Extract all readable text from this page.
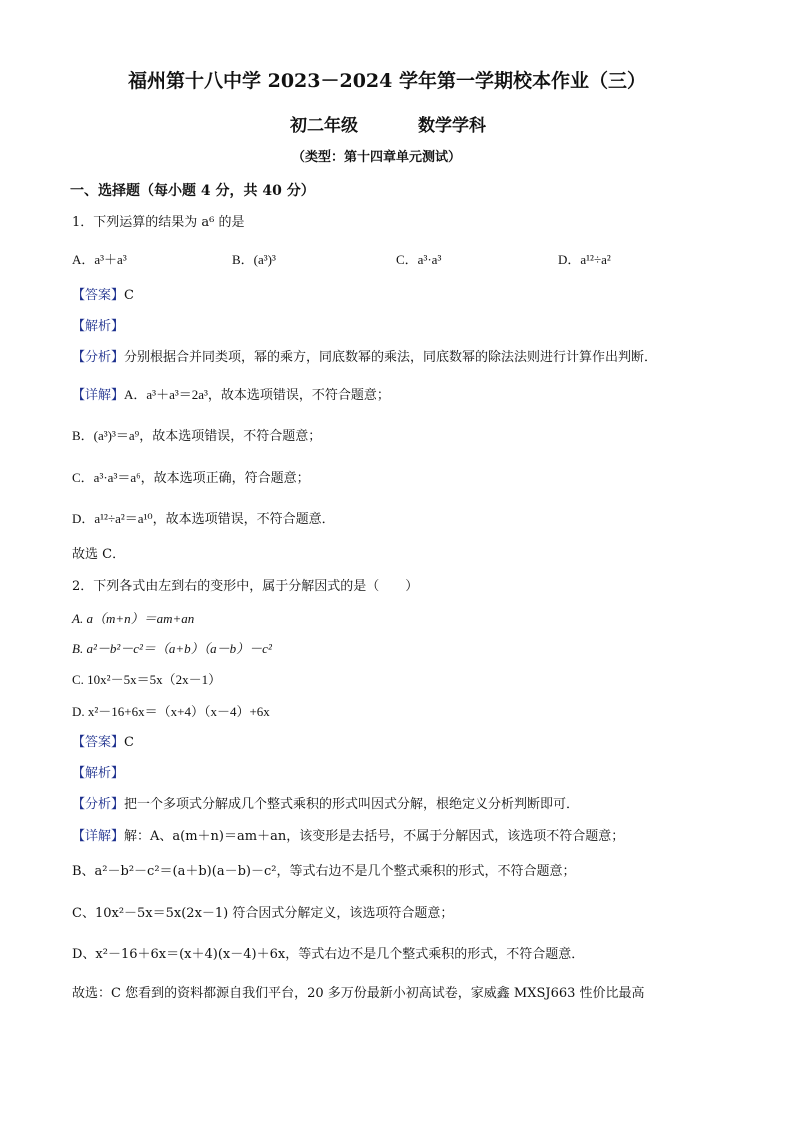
福州第十八中学 2023－2024 学年第一学期校本作业（三）
初二年级	数学学科
（类型：第十四章单元测试）
一、选择题（每小题 4 分，共 40 分）
1．下列运算的结果为 a⁶ 的是
A．a³＋a³	B．(a³)³	C．a³·a³	D．a¹²÷a²
【答案】C
【解析】
【分析】分别根据合并同类项，幂的乘方，同底数幂的乘法，同底数幂的除法法则进行计算作出判断．
【详解】A．a³＋a³＝2a³，故本选项错误，不符合题意；
B．(a³)³＝a⁹，故本选项错误，不符合题意；
C．a³·a³＝a⁶，故本选项正确，符合题意；
D．a¹²÷a²＝a¹⁰，故本选项错误，不符合题意．
故选 C．
2．下列各式由左到右的变形中，属于分解因式的是（　　）
A. a（m+n）＝am+an
B. a²－b²－c²＝（a+b）（a－b）－c²
C. 10x²－5x＝5x（2x－1）
D. x²－16+6x＝（x+4）（x－4）+6x
【答案】C
【解析】
【分析】把一个多项式分解成几个整式乘积的形式叫因式分解，根绝定义分析判断即可．
【详解】解：A、a(m＋n)＝am＋an，该变形是去括号，不属于分解因式，该选项不符合题意；
B、a²－b²－c²＝(a＋b)(a－b)－c²，等式右边不是几个整式乘积的形式，不符合题意；
C、10x²－5x＝5x(2x－1) 符合因式分解定义，该选项符合题意；
D、x²－16＋6x＝(x＋4)(x－4)＋6x，等式右边不是几个整式乘积的形式，不符合题意．
故选：C 您看到的资料都源自我们平台，20 多万份最新小初高试卷，家威鑫 MXSJ663 性价比最高
